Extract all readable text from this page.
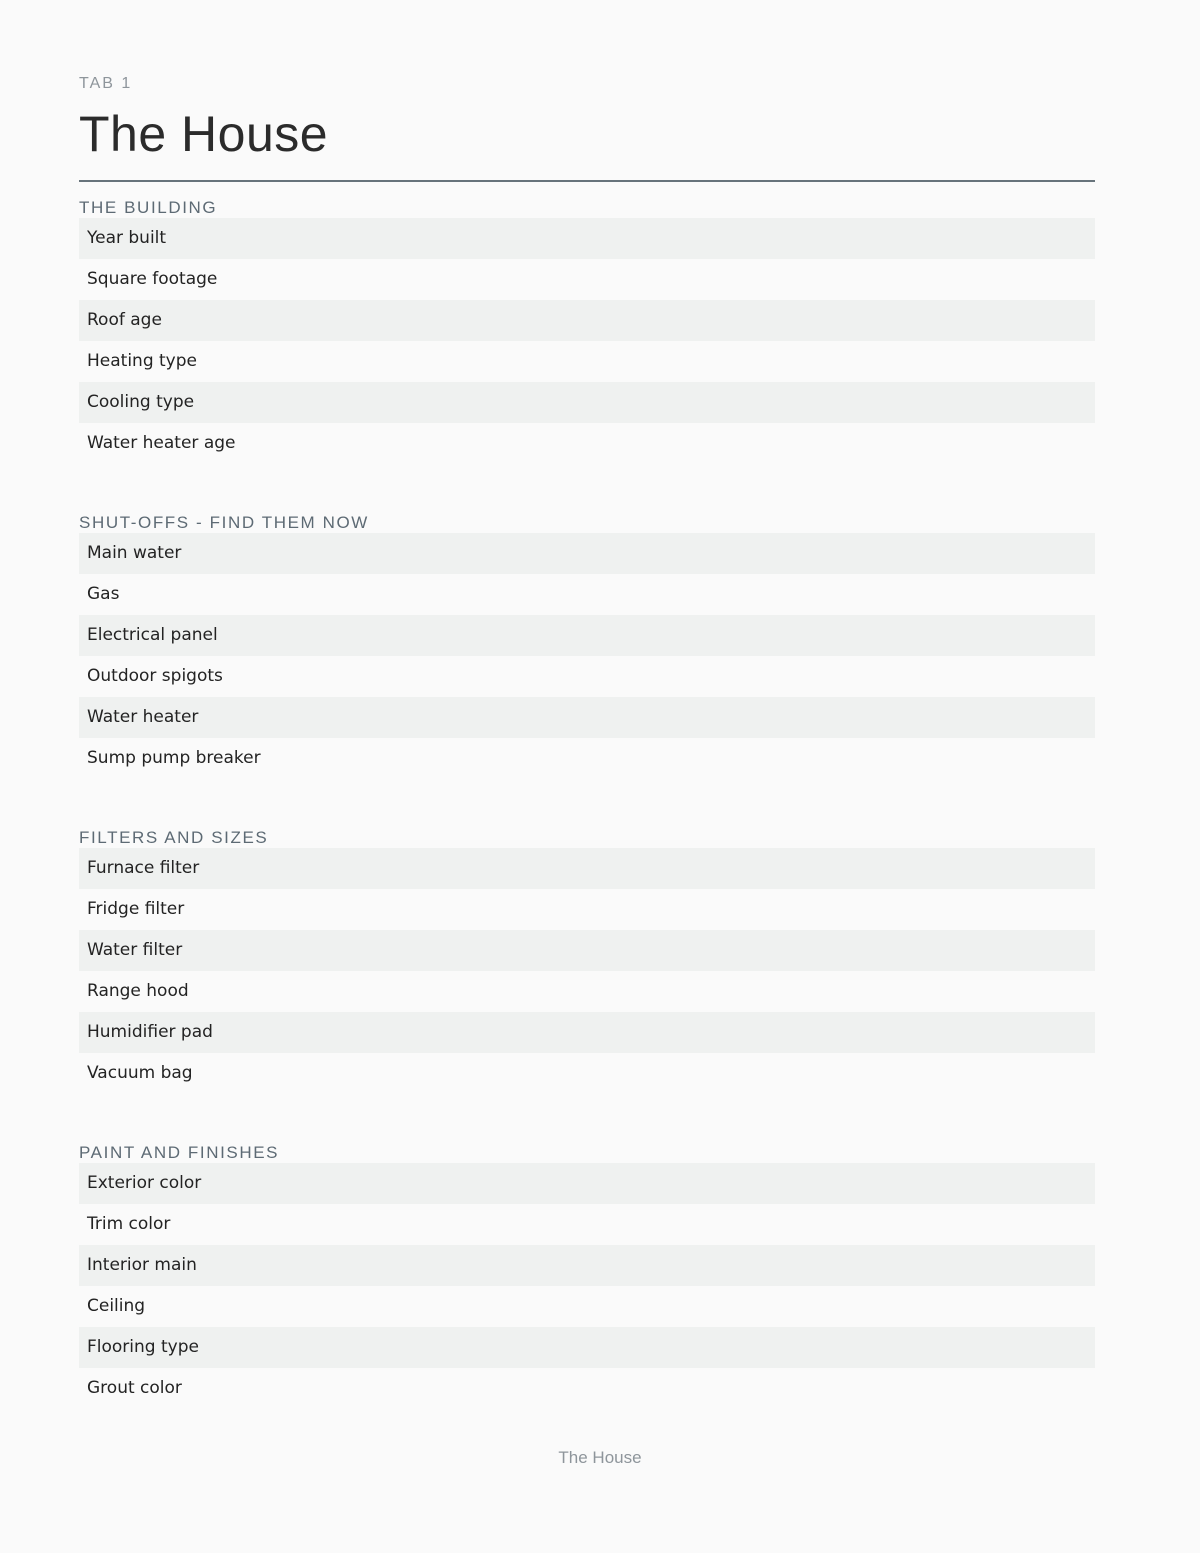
TAB 1
The House
THE BUILDING
Year built
Square footage
Roof age
Heating type
Cooling type
Water heater age
SHUT-OFFS - FIND THEM NOW
Main water
Gas
Electrical panel
Outdoor spigots
Water heater
Sump pump breaker
FILTERS AND SIZES
Furnace filter
Fridge filter
Water filter
Range hood
Humidifier pad
Vacuum bag
PAINT AND FINISHES
Exterior color
Trim color
Interior main
Ceiling
Flooring type
Grout color
The House
